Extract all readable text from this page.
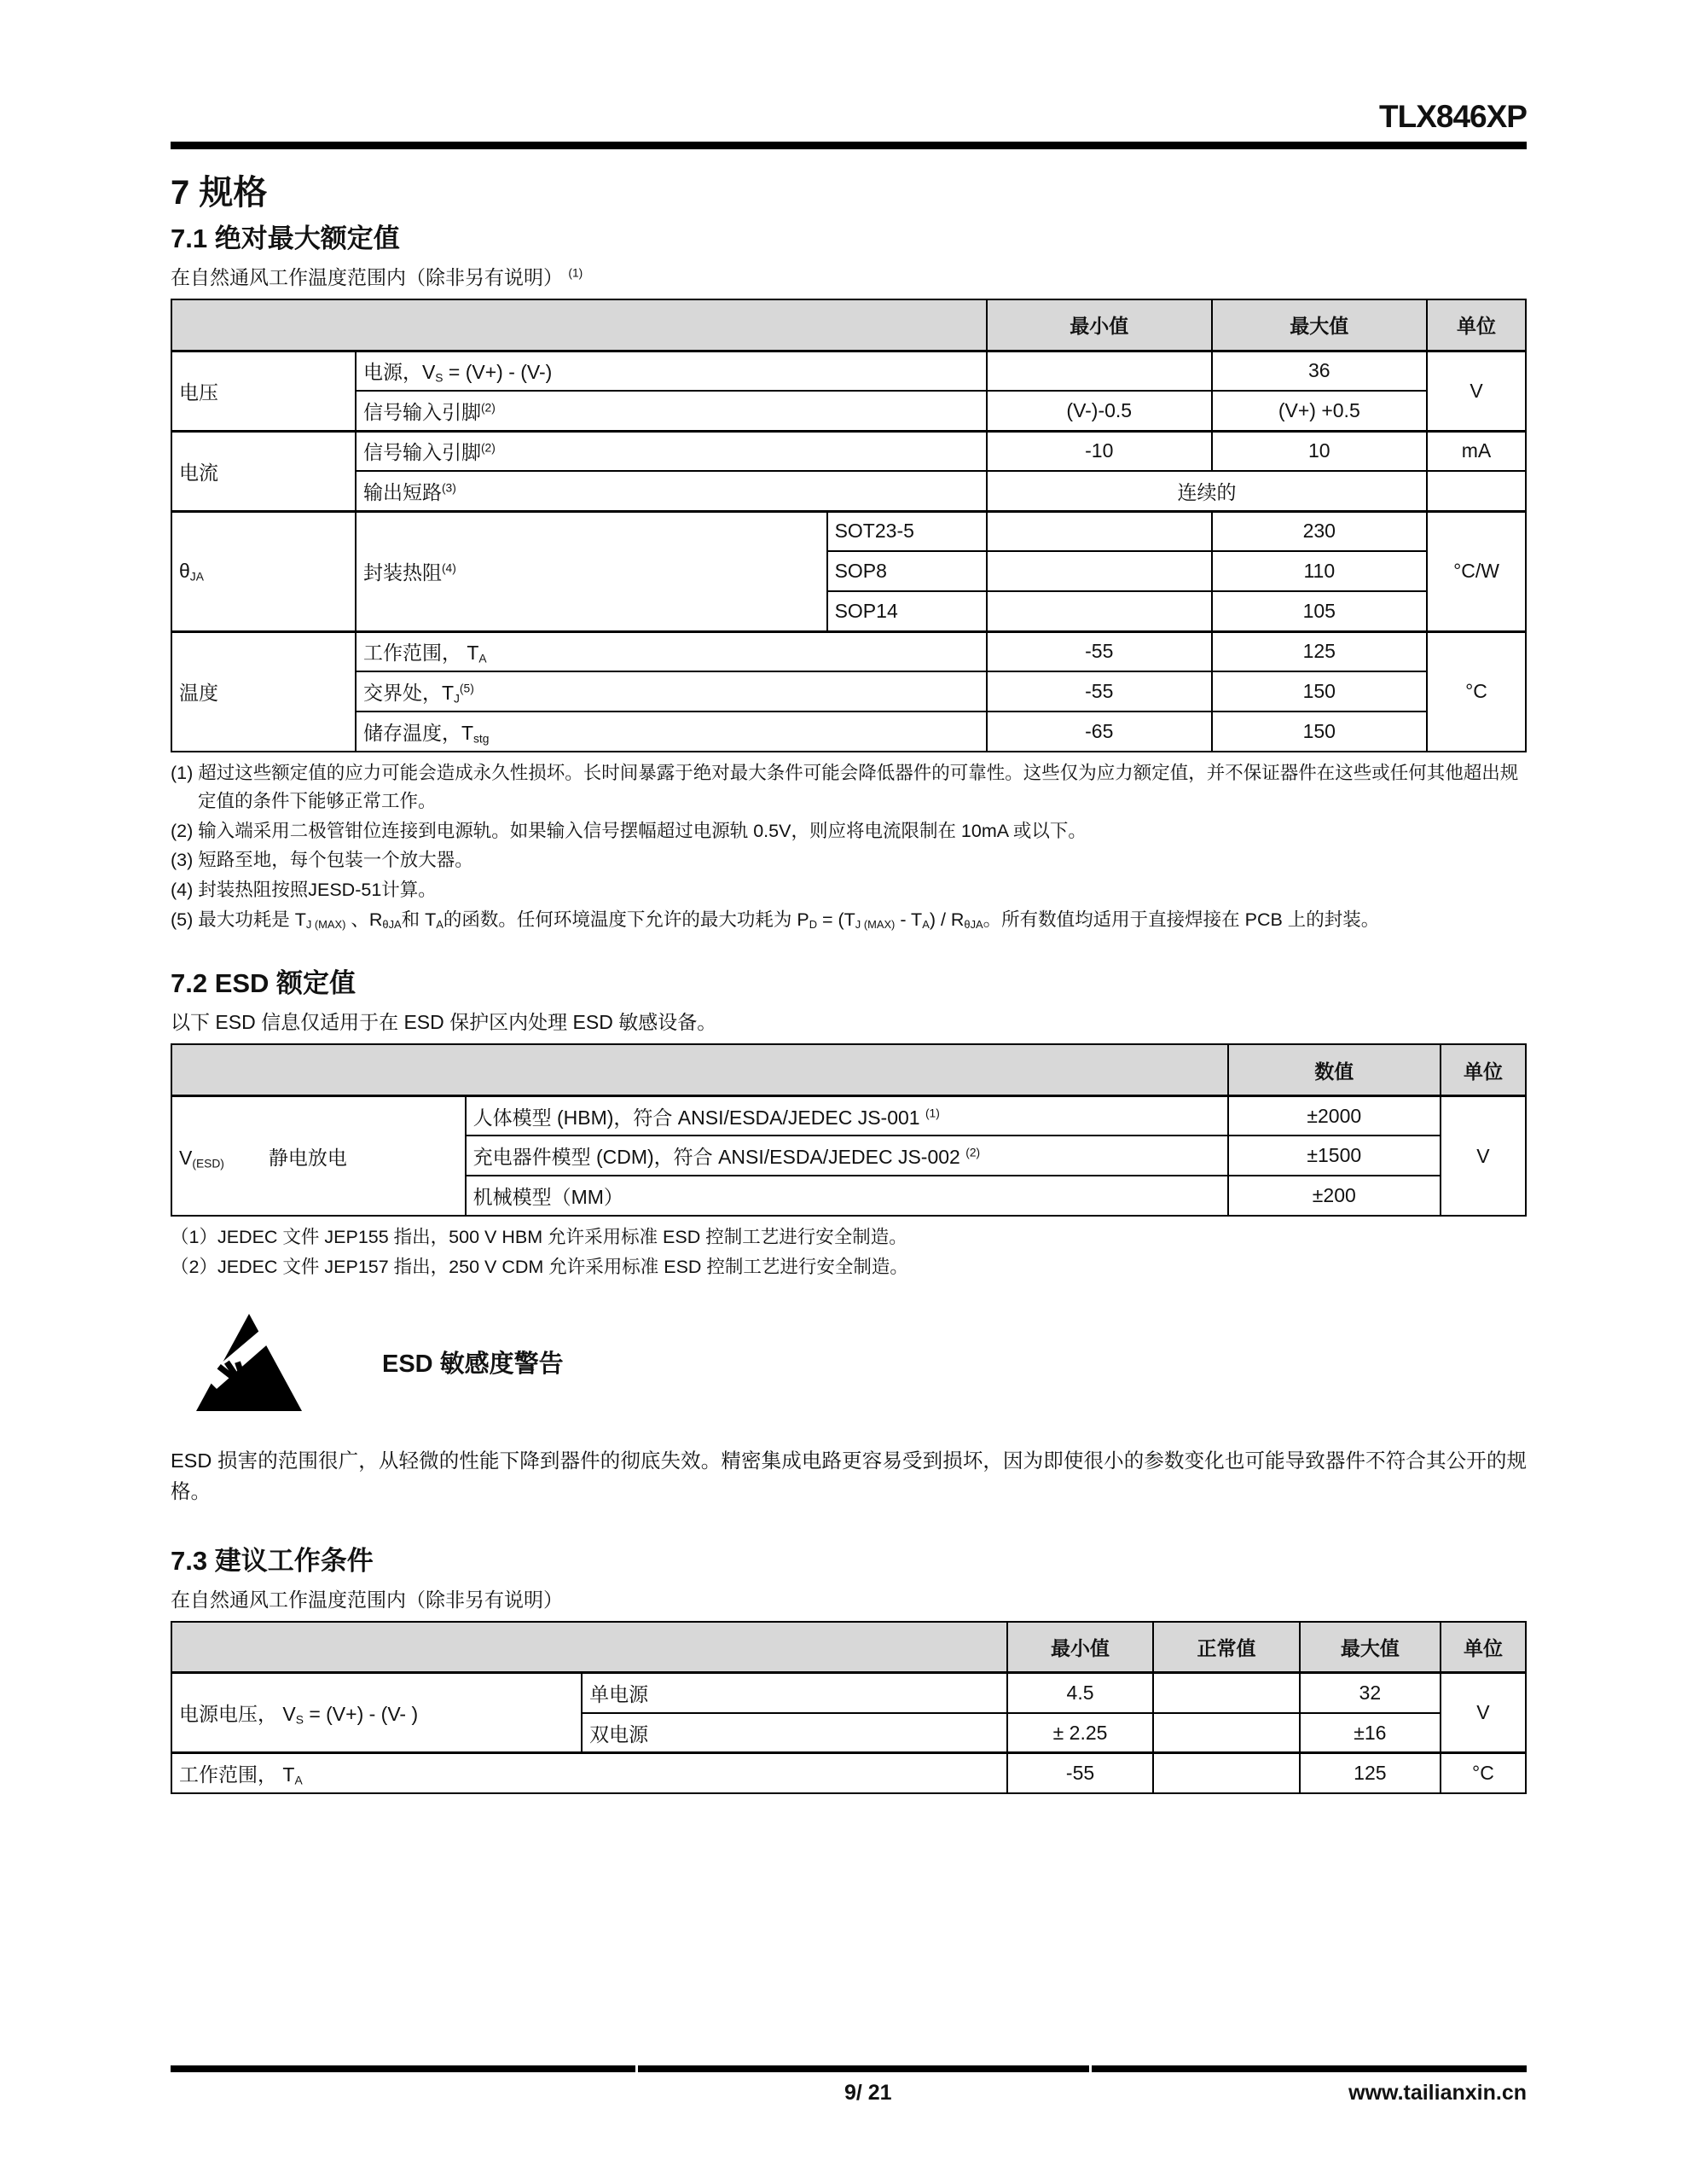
TLX846XP
7 规格
7.1 绝对最大额定值
在自然通风工作温度范围内（除非另有说明） $^{(1)}$
			最小值	最大值	单位
电压	电源，$V_S = (V+) - (V-)$			36	V
	信号输入引脚$^{(2)}$		(V-)-0.5	(V+) +0.5	
电流	信号输入引脚$^{(2)}$		-10	10	mA
	输出短路$^{(3)}$		连续的		
$\theta_{JA}$	封装热阻$^{(4)}$	SOT23-5		230	°C/W
		SOP8		110	
		SOP14		105	
温度	工作范围， $T_A$		-55	125	°C
	交界处，$T_J^{(5)}$		-55	150	
	储存温度，$T_{stg}$		-65	150	
(1) 超过这些额定值的应力可能会造成永久性损坏。长时间暴露于绝对最大条件可能会降低器件的可靠性。这些仅为应力额定值，并不保证器件在这些或任何其他超出规定值的条件下能够正常工作。
(2) 输入端采用二极管钳位连接到电源轨。如果输入信号摆幅超过电源轨 0.5V，则应将电流限制在 10mA 或以下。
(3) 短路至地，每个包装一个放大器。
(4) 封装热阻按照JESD-51计算。
(5) 最大功耗是 $T_{J (MAX)}$ 、$R_{\theta JA}$和 $T_A$的函数。任何环境温度下允许的最大功耗为 $P_D = (T_{J (MAX)} - T_A) / R_{\theta JA}$。所有数值均适用于直接焊接在 PCB 上的封装。
7.2 ESD 额定值
以下 ESD 信息仅适用于在 ESD 保护区内处理 ESD 敏感设备。
		数值	单位
$V_{(ESD)}$ 静电放电	人体模型 (HBM)，符合 ANSI/ESDA/JEDEC JS-001 $^{(1)}$	±2000	V
	充电器件模型 (CDM)，符合 ANSI/ESDA/JEDEC JS-002 $^{(2)}$	±1500	
	机械模型（MM）	±200	
（1）JEDEC 文件 JEP155 指出，500 V HBM 允许采用标准 ESD 控制工艺进行安全制造。
（2）JEDEC 文件 JEP157 指出，250 V CDM 允许采用标准 ESD 控制工艺进行安全制造。
ESD 敏感度警告
ESD 损害的范围很广，从轻微的性能下降到器件的彻底失效。精密集成电路更容易受到损坏，因为即使很小的参数变化也可能导致器件不符合其公开的规格。
7.3 建议工作条件
在自然通风工作温度范围内（除非另有说明）
		最小值	正常值	最大值	单位
电源电压， $V_S = (V+) - (V-$ )	单电源	4.5		32	V
	双电源	± 2.25		±16	
工作范围， $T_A$		-55		125	°C
9/ 21	www.tailianxin.cn
